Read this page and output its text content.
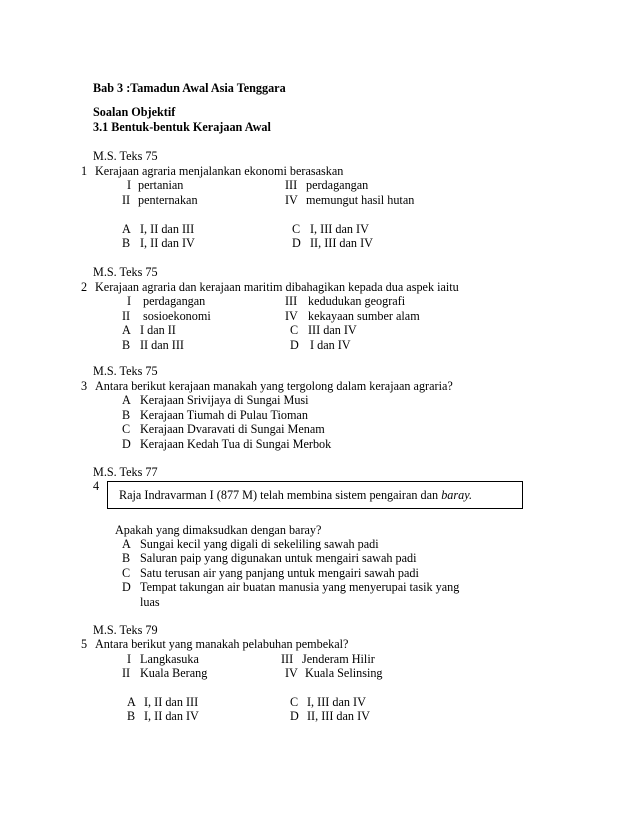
Bab 3 :Tamadun Awal Asia Tenggara
Soalan Objektif
3.1 Bentuk-bentuk Kerajaan Awal
M.S. Teks 75
1 Kerajaan agraria menjalankan ekonomi berasaskan
I pertanian	III perdagangan
II penternakan	IV memungut hasil hutan
A I, II dan III	C I, III dan IV
B I, II dan IV	D II, III dan IV
M.S. Teks 75
2 Kerajaan agraria dan kerajaan maritim dibahagikan kepada dua aspek iaitu
I perdagangan	III kedudukan geografi
II sosioekonomi	IV kekayaan sumber alam
A I dan II	C III dan IV
B II dan III	D I dan IV
M.S. Teks 75
3 Antara berikut kerajaan manakah yang tergolong dalam kerajaan agraria?
A Kerajaan Srivijaya di Sungai Musi
B Kerajaan Tiumah di Pulau Tioman
C Kerajaan Dvaravati di Sungai Menam
D Kerajaan Kedah Tua di Sungai Merbok
M.S. Teks 77
4
Raja Indravarman I (877 M) telah membina sistem pengairan dan baray.
Apakah yang dimaksudkan dengan baray?
A Sungai kecil yang digali di sekeliling sawah padi
B Saluran paip yang digunakan untuk mengairi sawah padi
C Satu terusan air yang panjang untuk mengairi sawah padi
D Tempat takungan air buatan manusia yang menyerupai tasik yang
luas
M.S. Teks 79
5 Antara berikut yang manakah pelabuhan pembekal?
I Langkasuka	III Jenderam Hilir
II Kuala Berang	IV Kuala Selinsing
A I, II dan III	C I, III dan IV
B I, II dan IV	D II, III dan IV
